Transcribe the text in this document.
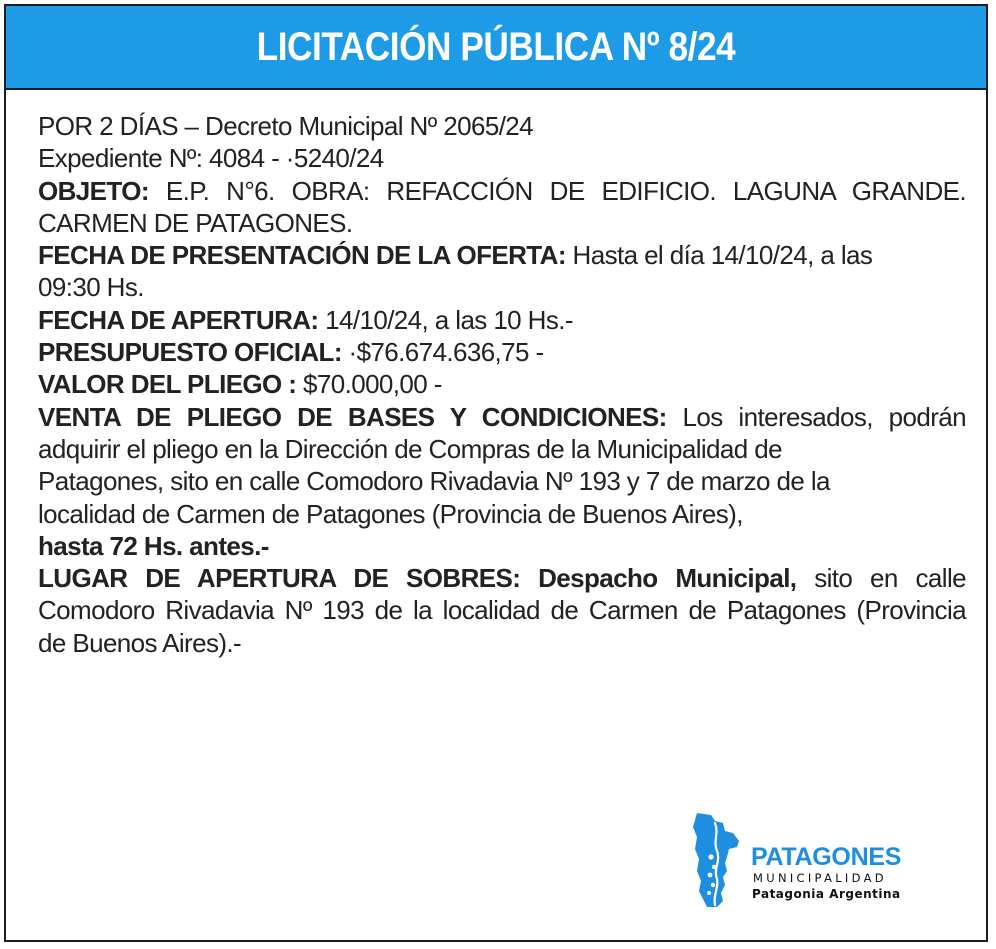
LICITACIÓN PÚBLICA Nº 8/24
POR 2 DÍAS – Decreto Municipal Nº 2065/24
Expediente Nº: 4084 - ·5240/24
OBJETO: E.P. N°6. OBRA: REFACCIÓN DE EDIFICIO. LAGUNA GRANDE.
CARMEN DE PATAGONES.
FECHA DE PRESENTACIÓN DE LA OFERTA: Hasta el día 14/10/24, a las
09:30 Hs.
FECHA DE APERTURA: 14/10/24, a las 10 Hs.-
PRESUPUESTO OFICIAL: ·$76.674.636,75 -
VALOR DEL PLIEGO : $70.000,00 -
VENTA DE PLIEGO DE BASES Y CONDICIONES: Los interesados, podrán
adquirir el pliego en la Dirección de Compras de la Municipalidad de
Patagones, sito en calle Comodoro Rivadavia Nº 193 y 7 de marzo de la
localidad de Carmen de Patagones (Provincia de Buenos Aires),
hasta 72 Hs. antes.-
LUGAR DE APERTURA DE SOBRES: Despacho Municipal, sito en calle
Comodoro Rivadavia Nº 193 de la localidad de Carmen de Patagones (Provincia
de Buenos Aires).-
PATAGONES
MUNICIPALIDAD
Patagonia Argentina
